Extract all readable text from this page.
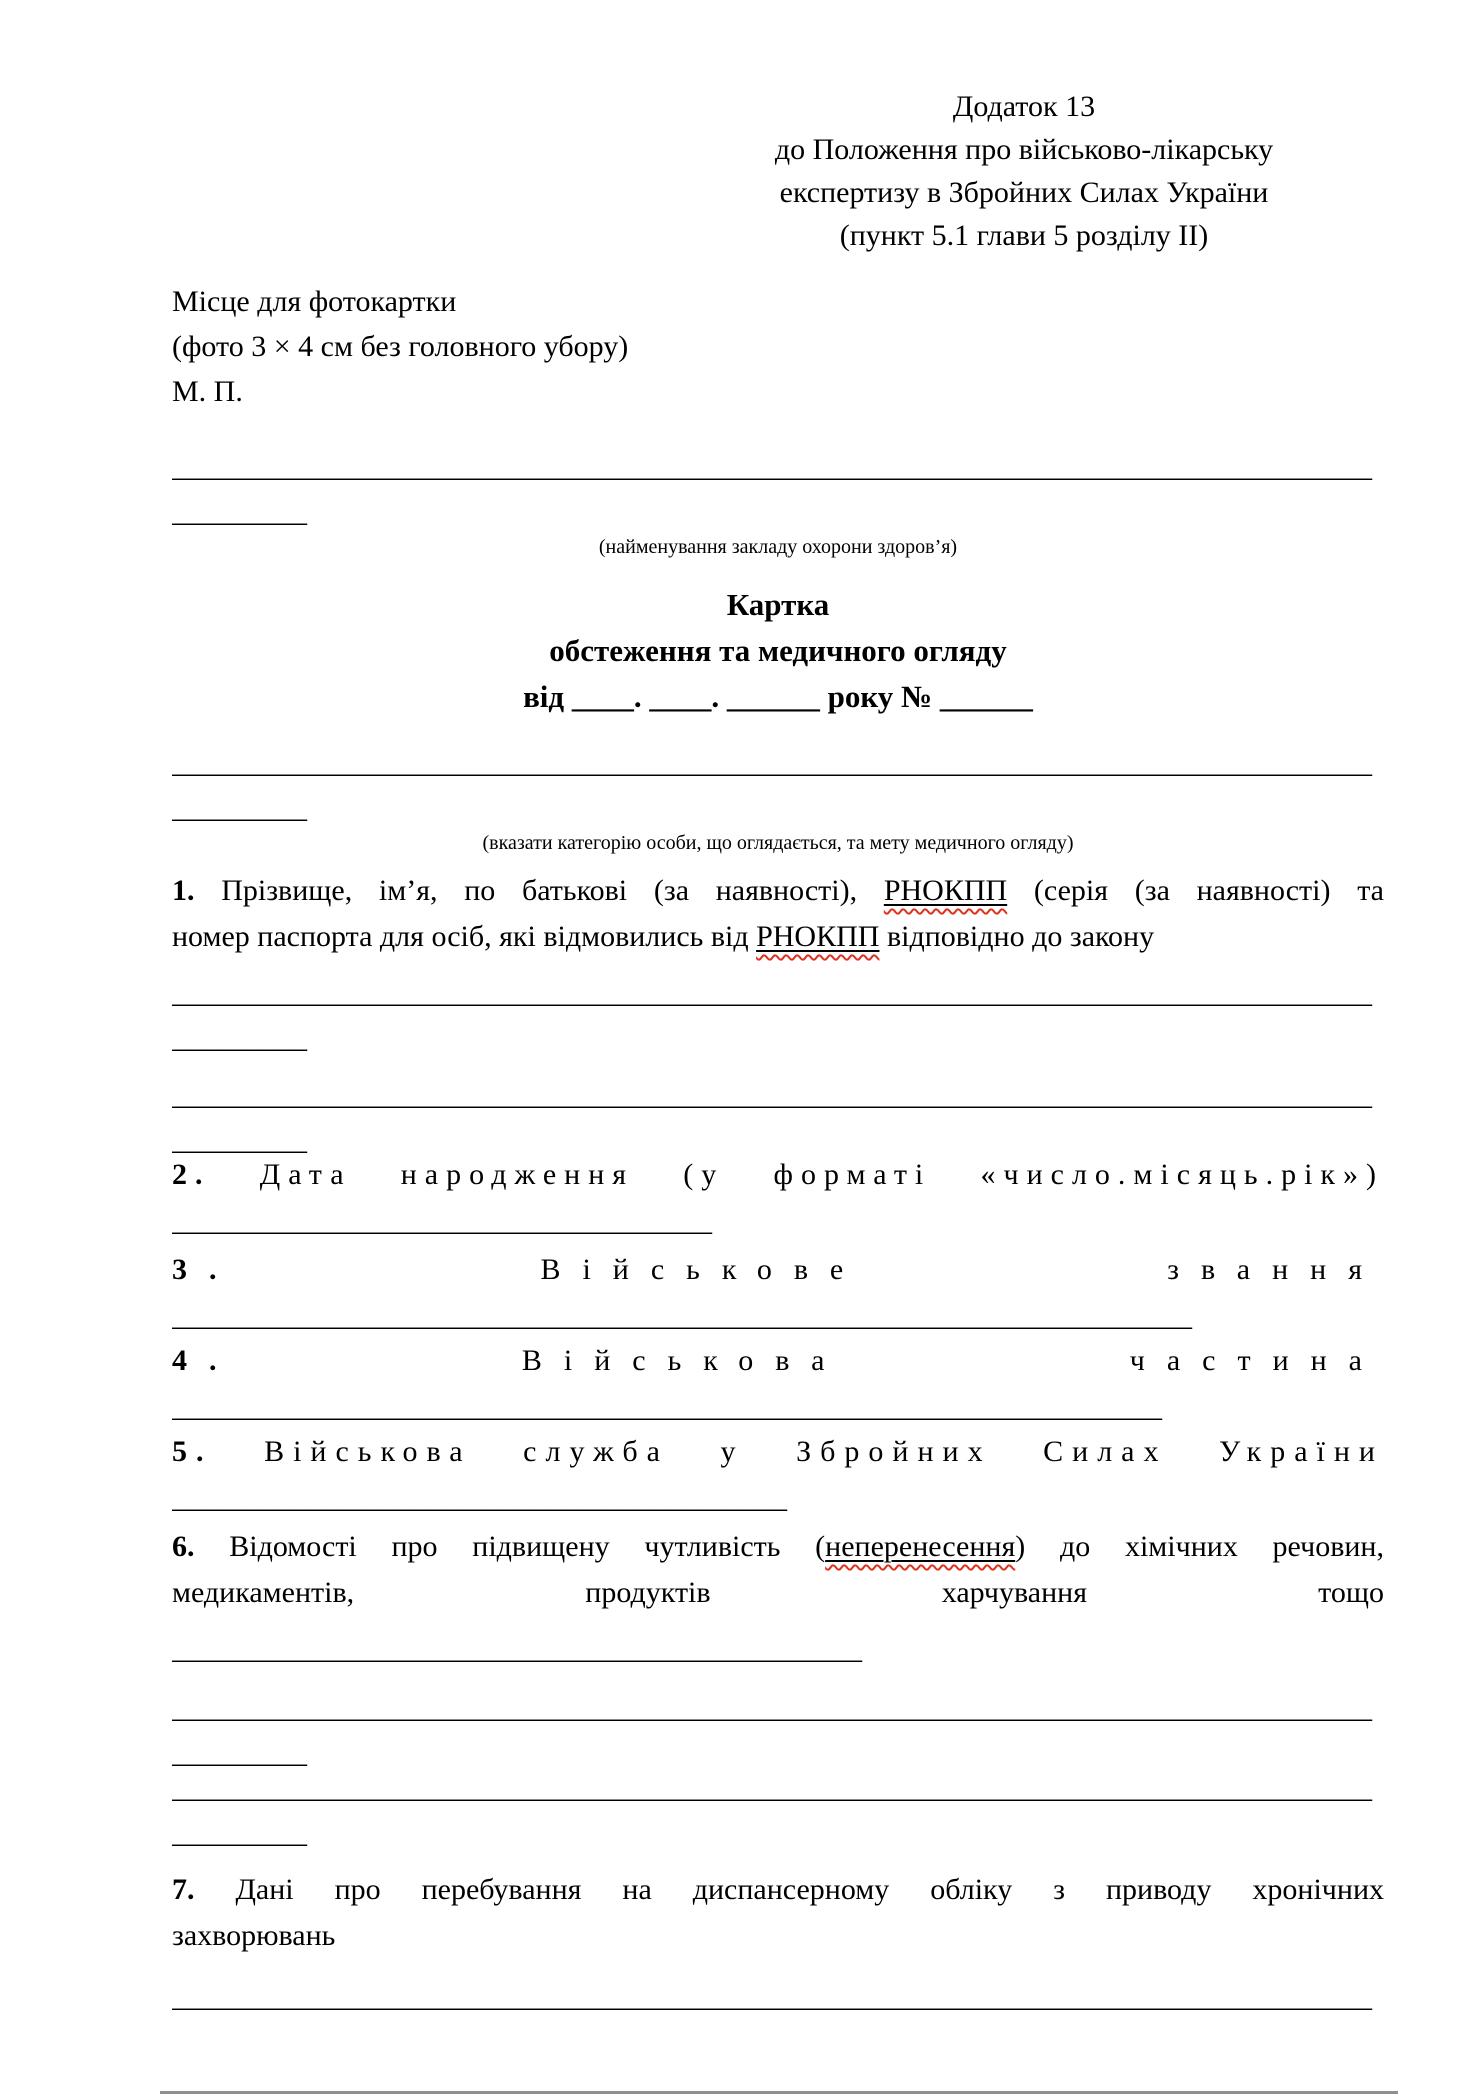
Додаток 13
до Положення про військово-лікарську
експертизу в Збройних Силах України
(пункт 5.1 глави 5 розділу ІІ)
Місце для фотокартки
(фото 3 × 4 см без головного убору)
М. П.
________________________________________________________________________________
_________
(найменування закладу охорони здоров’я)
Картка
обстеження та медичного огляду
від ____. ____. ______ року № ______
________________________________________________________________________________
_________
(вказати категорію особи, що оглядається, та мету медичного огляду)
1. Прізвище, ім’я, по батькові (за наявності), РНОКПП (серія (за наявності) та
номер паспорта для осіб, які відмовились від РНОКПП відповідно до закону
________________________________________________________________________________
_________
________________________________________________________________________________
_________
2. Дата народження (у форматі «число.місяць.рік»)
____________________________________
3. Військове звання
____________________________________________________________________
4. Військова частина
__________________________________________________________________
5. Військова служба у Збройних Силах України
_________________________________________
6. Відомості про підвищену чутливість (неперенесення) до хімічних речовин,
медикаментів, продуктів харчування тощо
______________________________________________
________________________________________________________________________________
_________
________________________________________________________________________________
_________
7. Дані про перебування на диспансерному обліку з приводу хронічних
захворювань
________________________________________________________________________________
